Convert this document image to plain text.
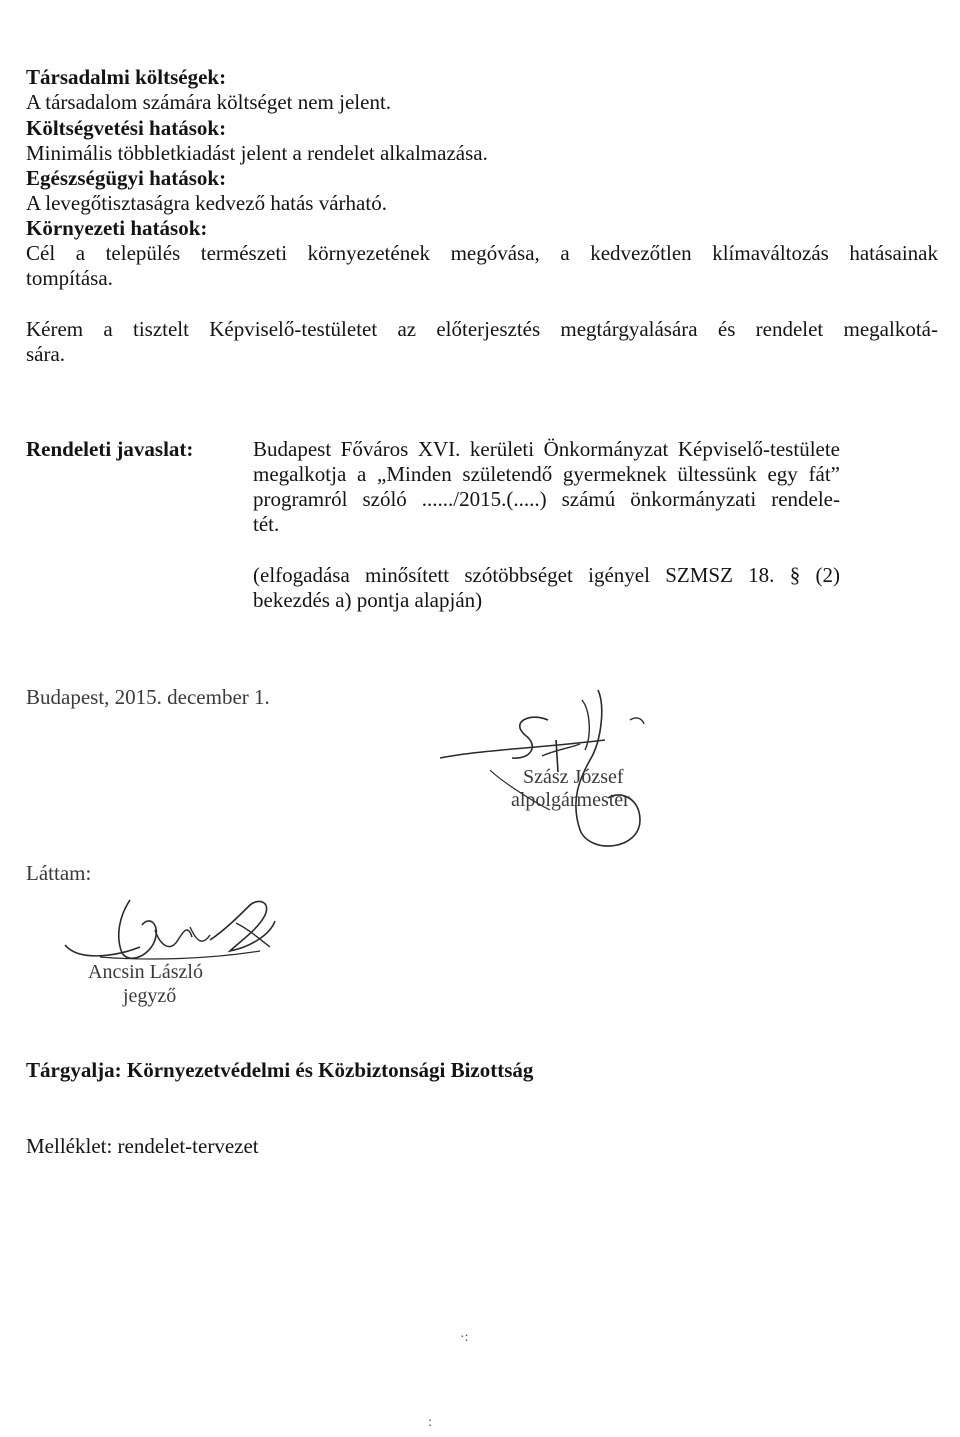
Társadalmi költségek:
A társadalom számára költséget nem jelent.
Költségvetési hatások:
Minimális többletkiadást jelent a rendelet alkalmazása.
Egészségügyi hatások:
A levegőtisztaságra kedvező hatás várható.
Környezeti hatások:
Cél a település természeti környezetének megóvása, a kedvezőtlen klímaváltozás hatásainak
tompítása.
Kérem a tisztelt Képviselő-testületet az előterjesztés megtárgyalására és rendelet megalkotá-
sára.
Rendeleti javaslat:	Budapest Főváros XVI. kerületi Önkormányzat Képviselő-testülete
megalkotja a „Minden születendő gyermeknek ültessünk egy fát”
programról szóló ....../2015.(.....) számú önkormányzati rendele-
tét.
(elfogadása minősített szótöbbséget igényel SZMSZ 18. § (2)
bekezdés a) pontja alapján)
Budapest, 2015. december 1.
Szász József
alpolgármester
Láttam:
Ancsin László
jegyző
Tárgyalja: Környezetvédelmi és Közbiztonsági Bizottság
Melléklet: rendelet-tervezet
·:
:
